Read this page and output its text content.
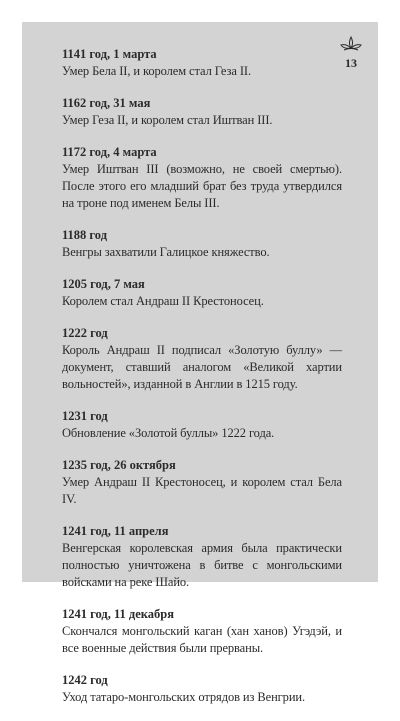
13
1141 год, 1 марта
Умер Бела II, и королем стал Геза II.
1162 год, 31 мая
Умер Геза II, и королем стал Иштван III.
1172 год, 4 марта
Умер Иштван III (возможно, не своей смертью). После этого его младший брат без труда утвердился на троне под именем Белы III.
1188 год
Венгры захватили Галицкое княжество.
1205 год, 7 мая
Королем стал Андраш II Крестоносец.
1222 год
Король Андраш II подписал «Золотую буллу» — документ, ставший аналогом «Великой хартии вольностей», изданной в Англии в 1215 году.
1231 год
Обновление «Золотой буллы» 1222 года.
1235 год, 26 октября
Умер Андраш II Крестоносец, и королем стал Бела IV.
1241 год, 11 апреля
Венгерская королевская армия была практически полностью уничтожена в битве с монгольскими войсками на реке Шайо.
1241 год, 11 декабря
Скончался монгольский каган (хан ханов) Угэдэй, и все военные действия были прерваны.
1242 год
Уход татаро-монгольских отрядов из Венгрии.
